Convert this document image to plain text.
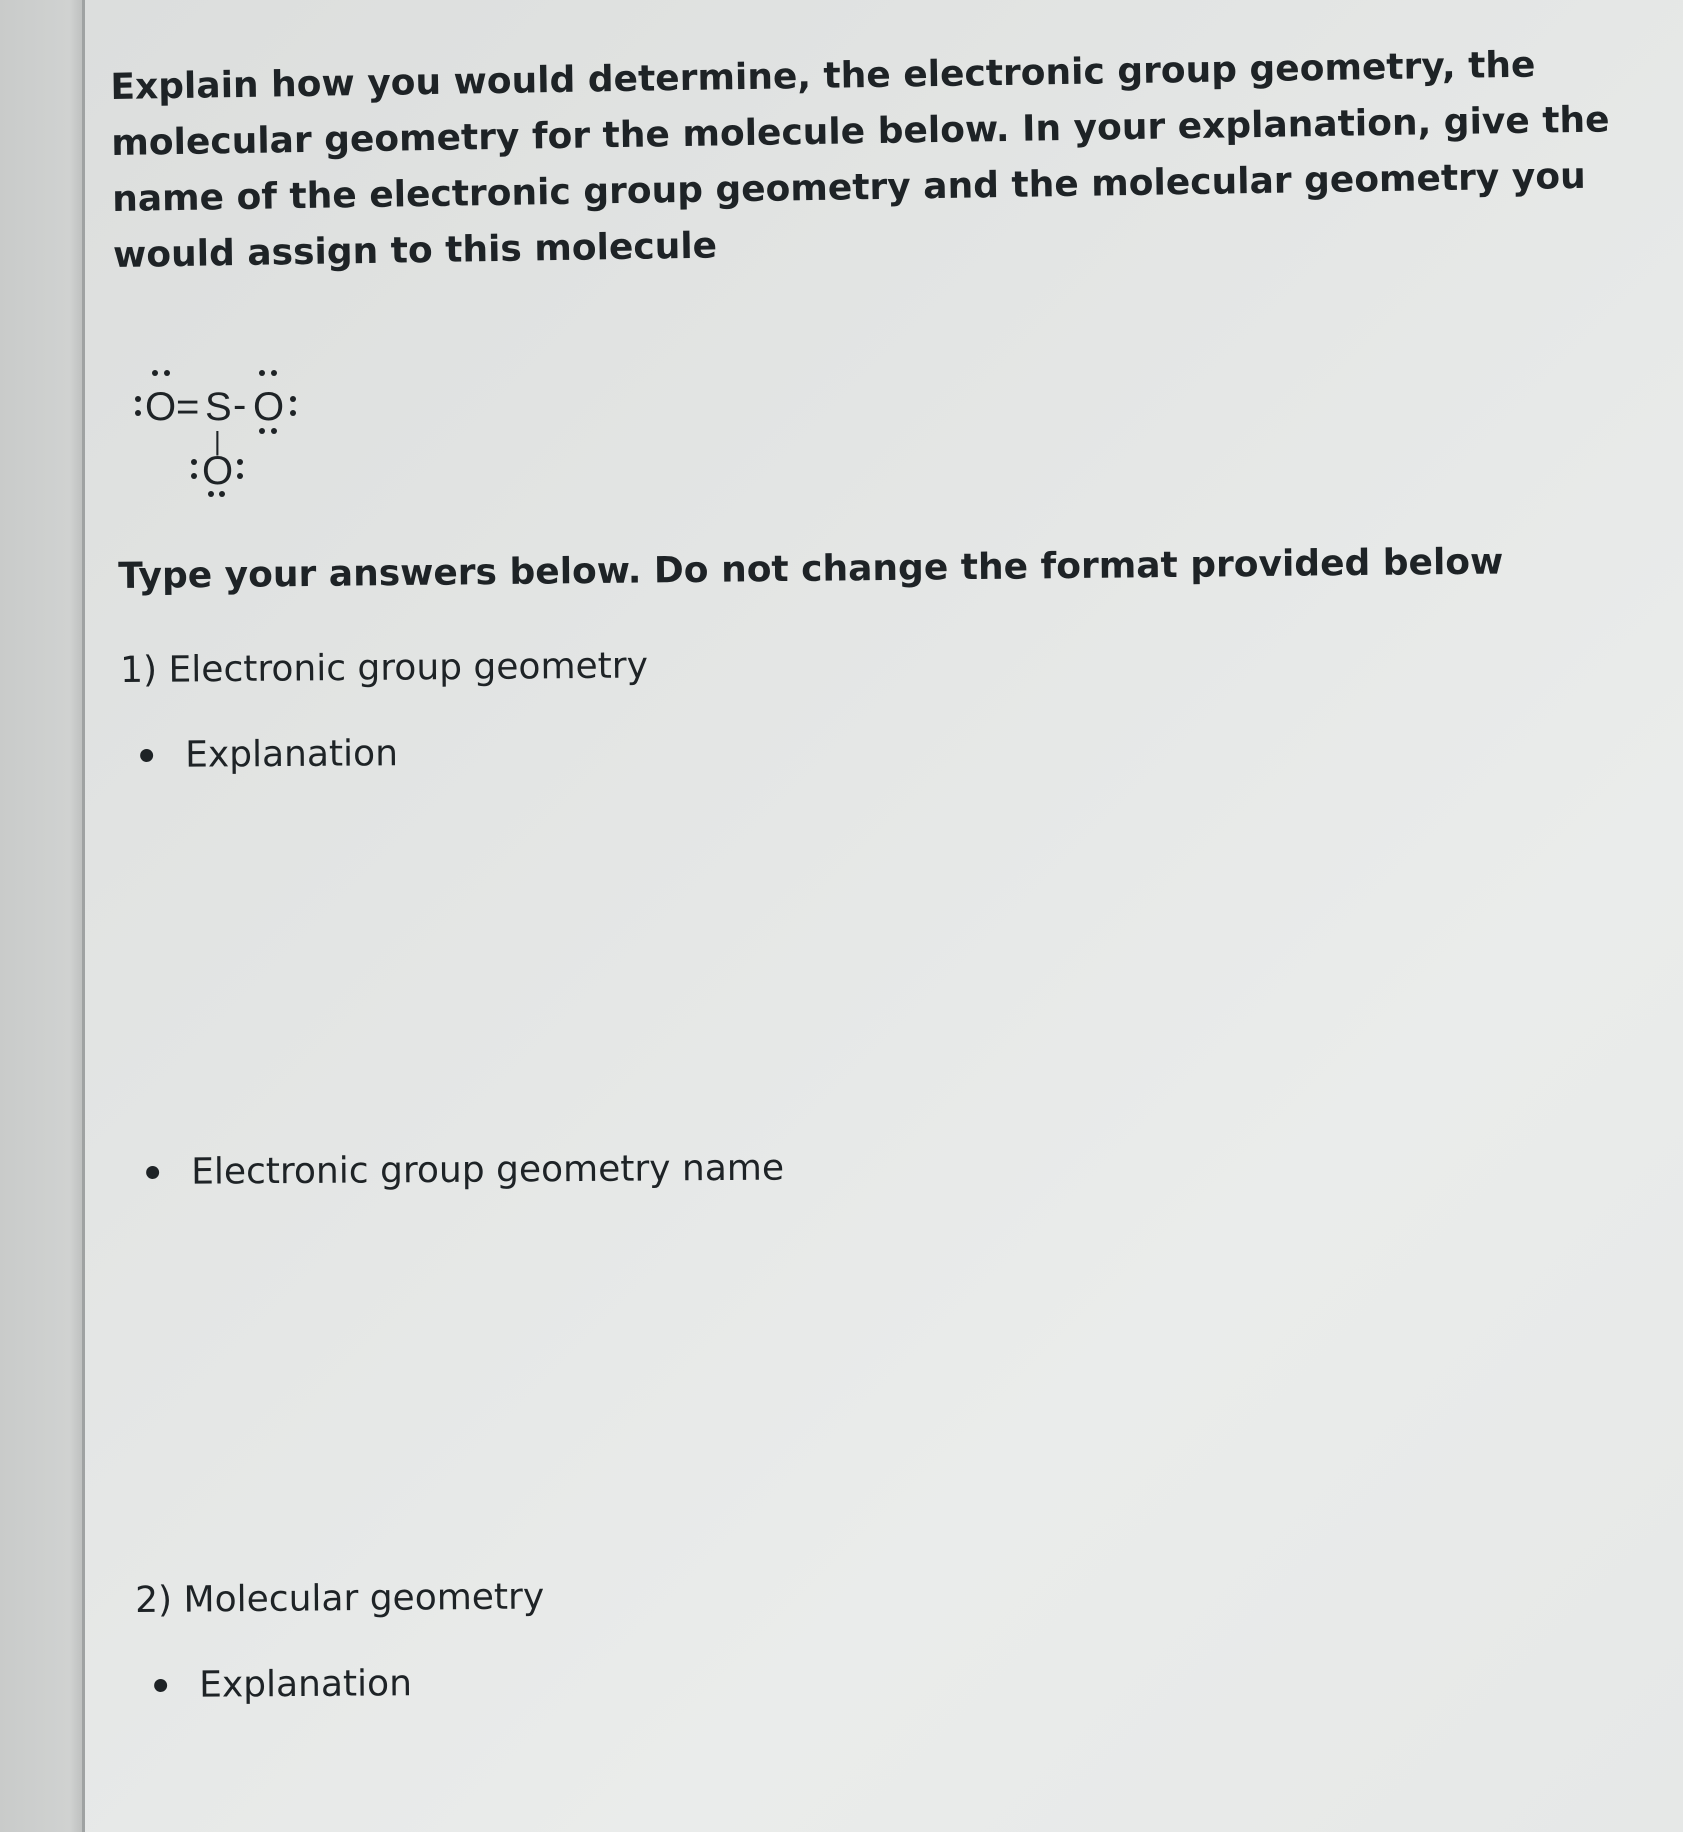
Explain how you would determine, the electronic group geometry, the molecular geometry for the molecule below. In your explanation, give the name of the electronic group geometry and the molecular geometry you would assign to this molecule

O = S - O
|
O

Type your answers below. Do not change the format provided below

1) Electronic group geometry

Explanation
Electronic group geometry name

2) Molecular geometry

Explanation
